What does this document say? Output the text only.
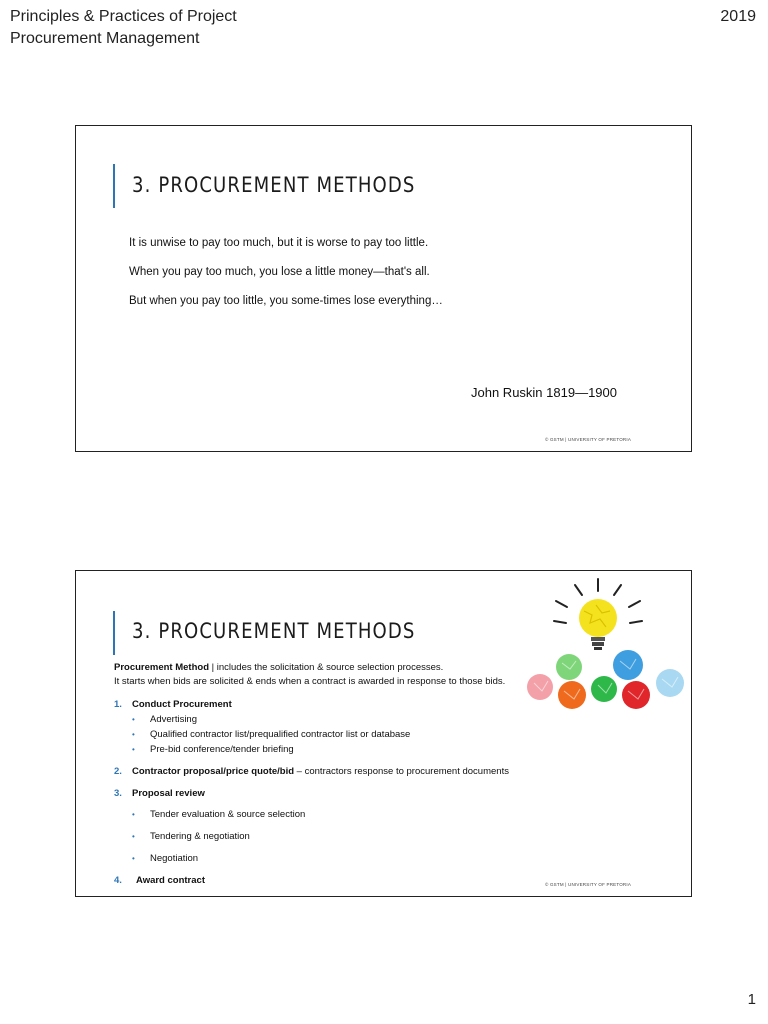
Principles & Practices of Project
Procurement Management
2019
3. PROCUREMENT METHODS
It is unwise to pay too much, but it is worse to pay too little.
When you pay too much, you lose a little money—that's all.
But when you pay too little, you some-times lose everything…
John Ruskin 1819—1900
© GSTM | UNIVERSITY OF PRETORIA
3. PROCUREMENT METHODS
Procurement Method | includes the solicitation & source selection processes.
It starts when bids are solicited & ends when a contract is awarded in response to those bids.
1. Conduct Procurement
• Advertising
• Qualified contractor list/prequalified contractor list or database
• Pre-bid conference/tender briefing
2. Contractor proposal/price quote/bid – contractors response to procurement documents
3. Proposal review
• Tender evaluation & source selection
• Tendering & negotiation
• Negotiation
4. Award contract	© GSTM | UNIVERSITY OF PRETORIA
1
